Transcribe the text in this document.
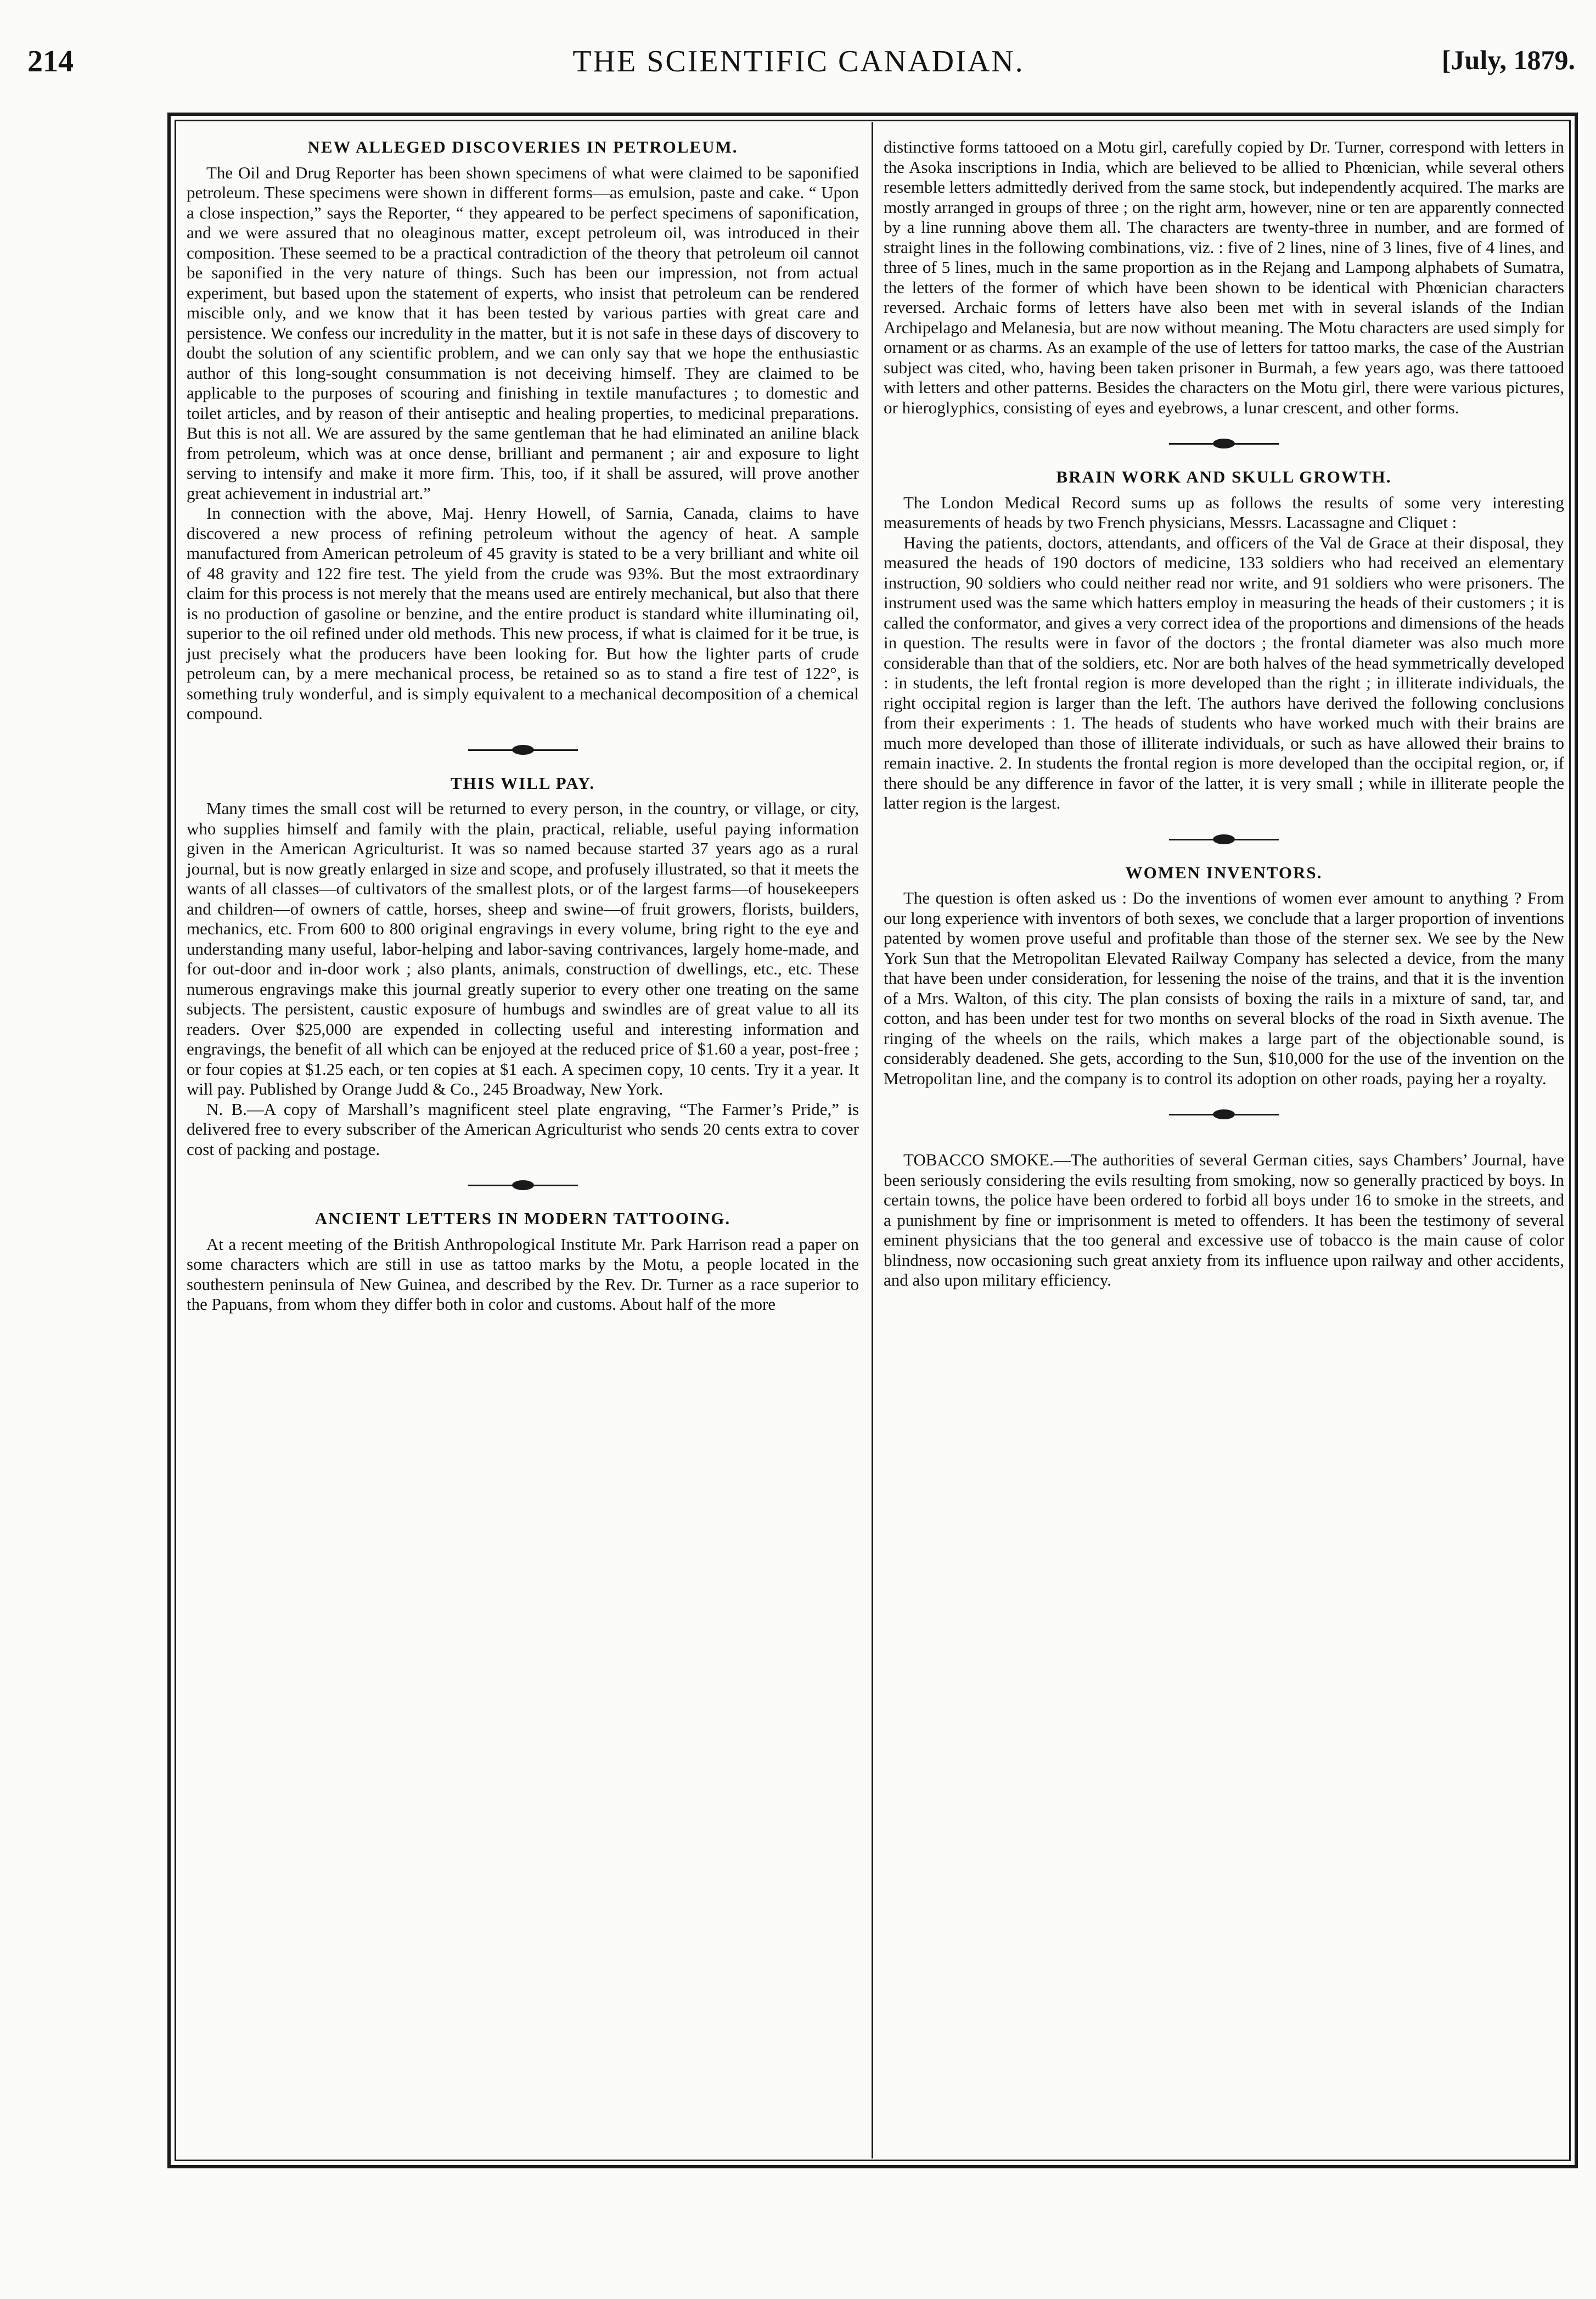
214	THE SCIENTIFIC CANADIAN.	[July, 1879.
NEW ALLEGED DISCOVERIES IN PETROLEUM.

The Oil and Drug Reporter has been shown specimens of what were claimed to be saponified petroleum. These specimens were shown in different forms—as emulsion, paste and cake. “ Upon a close inspection,” says the Reporter, “ they appeared to be perfect specimens of saponification, and we were assured that no oleaginous matter, except petroleum oil, was introduced in their composition. These seemed to be a practical contradiction of the theory that petroleum oil cannot be saponified in the very nature of things. Such has been our impression, not from actual experiment, but based upon the statement of experts, who insist that petroleum can be rendered miscible only, and we know that it has been tested by various parties with great care and persistence. We confess our incredulity in the matter, but it is not safe in these days of discovery to doubt the solution of any scientific problem, and we can only say that we hope the enthusiastic author of this long-sought consummation is not deceiving himself. They are claimed to be applicable to the purposes of scouring and finishing in textile manufactures ; to domestic and toilet articles, and by reason of their antiseptic and healing properties, to medicinal preparations. But this is not all. We are assured by the same gentleman that he had eliminated an aniline black from petroleum, which was at once dense, brilliant and permanent ; air and exposure to light serving to intensify and make it more firm. This, too, if it shall be assured, will prove another great achievement in industrial art.”

In connection with the above, Maj. Henry Howell, of Sarnia, Canada, claims to have discovered a new process of refining petroleum without the agency of heat. A sample manufactured from American petroleum of 45 gravity is stated to be a very brilliant and white oil of 48 gravity and 122 fire test. The yield from the crude was 93%. But the most extraordinary claim for this process is not merely that the means used are entirely mechanical, but also that there is no production of gasoline or benzine, and the entire product is standard white illuminating oil, superior to the oil refined under old methods. This new process, if what is claimed for it be true, is just precisely what the producers have been looking for. But how the lighter parts of crude petroleum can, by a mere mechanical process, be retained so as to stand a fire test of 122°, is something truly wonderful, and is simply equivalent to a mechanical decomposition of a chemical compound.

THIS WILL PAY.

Many times the small cost will be returned to every person, in the country, or village, or city, who supplies himself and family with the plain, practical, reliable, useful paying information given in the American Agriculturist. It was so named because started 37 years ago as a rural journal, but is now greatly enlarged in size and scope, and profusely illustrated, so that it meets the wants of all classes—of cultivators of the smallest plots, or of the largest farms—of housekeepers and children—of owners of cattle, horses, sheep and swine—of fruit growers, florists, builders, mechanics, etc. From 600 to 800 original engravings in every volume, bring right to the eye and understanding many useful, labor-helping and labor-saving contrivances, largely home-made, and for out-door and in-door work ; also plants, animals, construction of dwellings, etc., etc. These numerous engravings make this journal greatly superior to every other one treating on the same subjects. The persistent, caustic exposure of humbugs and swindles are of great value to all its readers. Over $25,000 are expended in collecting useful and interesting information and engravings, the benefit of all which can be enjoyed at the reduced price of $1.60 a year, post-free ; or four copies at $1.25 each, or ten copies at $1 each. A specimen copy, 10 cents. Try it a year. It will pay. Published by Orange Judd & Co., 245 Broadway, New York.

N. B.—A copy of Marshall’s magnificent steel plate engraving, “The Farmer’s Pride,” is delivered free to every subscriber of the American Agriculturist who sends 20 cents extra to cover cost of packing and postage.

ANCIENT LETTERS IN MODERN TATTOOING.

At a recent meeting of the British Anthropological Institute Mr. Park Harrison read a paper on some characters which are still in use as tattoo marks by the Motu, a people located in the southestern peninsula of New Guinea, and described by the Rev. Dr. Turner as a race superior to the Papuans, from whom they differ both in color and customs. About half of the more

distinctive forms tattooed on a Motu girl, carefully copied by Dr. Turner, correspond with letters in the Asoka inscriptions in India, which are believed to be allied to Phœnician, while several others resemble letters admittedly derived from the same stock, but independently acquired. The marks are mostly arranged in groups of three ; on the right arm, however, nine or ten are apparently connected by a line running above them all. The characters are twenty-three in number, and are formed of straight lines in the following combinations, viz. : five of 2 lines, nine of 3 lines, five of 4 lines, and three of 5 lines, much in the same proportion as in the Rejang and Lampong alphabets of Sumatra, the letters of the former of which have been shown to be identical with Phœnician characters reversed. Archaic forms of letters have also been met with in several islands of the Indian Archipelago and Melanesia, but are now without meaning. The Motu characters are used simply for ornament or as charms. As an example of the use of letters for tattoo marks, the case of the Austrian subject was cited, who, having been taken prisoner in Burmah, a few years ago, was there tattooed with letters and other patterns. Besides the characters on the Motu girl, there were various pictures, or hieroglyphics, consisting of eyes and eyebrows, a lunar crescent, and other forms.

BRAIN WORK AND SKULL GROWTH.

The London Medical Record sums up as follows the results of some very interesting measurements of heads by two French physicians, Messrs. Lacassagne and Cliquet :

Having the patients, doctors, attendants, and officers of the Val de Grace at their disposal, they measured the heads of 190 doctors of medicine, 133 soldiers who had received an elementary instruction, 90 soldiers who could neither read nor write, and 91 soldiers who were prisoners. The instrument used was the same which hatters employ in measuring the heads of their customers ; it is called the conformator, and gives a very correct idea of the proportions and dimensions of the heads in question. The results were in favor of the doctors ; the frontal diameter was also much more considerable than that of the soldiers, etc. Nor are both halves of the head symmetrically developed : in students, the left frontal region is more developed than the right ; in illiterate individuals, the right occipital region is larger than the left. The authors have derived the following conclusions from their experiments : 1. The heads of students who have worked much with their brains are much more developed than those of illiterate individuals, or such as have allowed their brains to remain inactive. 2. In students the frontal region is more developed than the occipital region, or, if there should be any difference in favor of the latter, it is very small ; while in illiterate people the latter region is the largest.

WOMEN INVENTORS.

The question is often asked us : Do the inventions of women ever amount to anything ? From our long experience with inventors of both sexes, we conclude that a larger proportion of inventions patented by women prove useful and profitable than those of the sterner sex. We see by the New York Sun that the Metropolitan Elevated Railway Company has selected a device, from the many that have been under consideration, for lessening the noise of the trains, and that it is the invention of a Mrs. Walton, of this city. The plan consists of boxing the rails in a mixture of sand, tar, and cotton, and has been under test for two months on several blocks of the road in Sixth avenue. The ringing of the wheels on the rails, which makes a large part of the objectionable sound, is considerably deadened. She gets, according to the Sun, $10,000 for the use of the invention on the Metropolitan line, and the company is to control its adoption on other roads, paying her a royalty.

TOBACCO SMOKE.—The authorities of several German cities, says Chambers’ Journal, have been seriously considering the evils resulting from smoking, now so generally practiced by boys. In certain towns, the police have been ordered to forbid all boys under 16 to smoke in the streets, and a punishment by fine or imprisonment is meted to offenders. It has been the testimony of several eminent physicians that the too general and excessive use of tobacco is the main cause of color blindness, now occasioning such great anxiety from its influence upon railway and other accidents, and also upon military efficiency.
